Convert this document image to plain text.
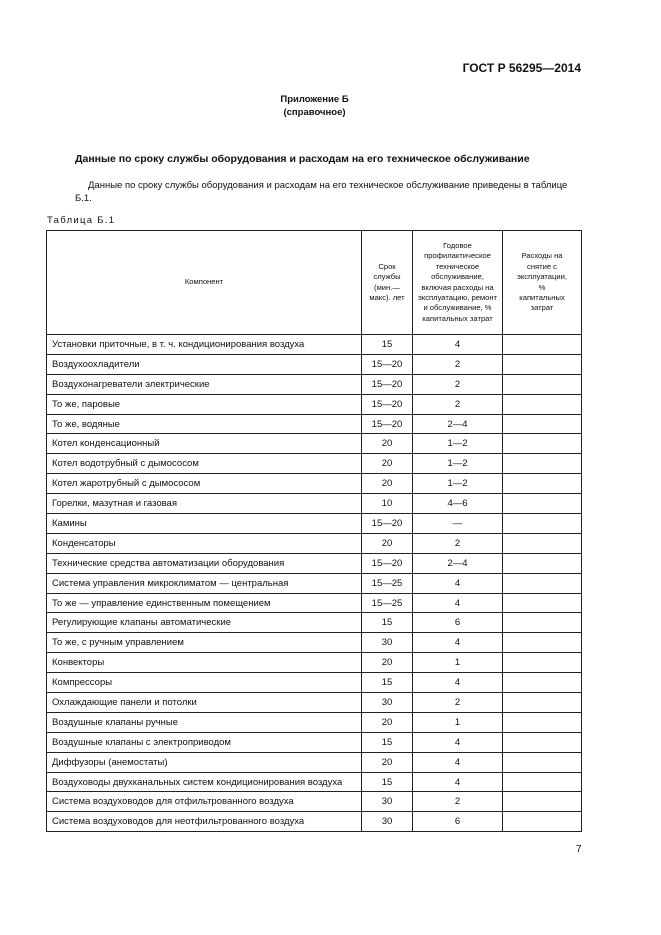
ГОСТ Р 56295—2014
Приложение Б
(справочное)
Данные по сроку службы оборудования и расходам на его техническое обслуживание
Данные по сроку службы оборудования и расходам на его техническое обслуживание приведены в таблице Б.1.
Таблица Б.1
Компонент	Срок службы (мин.— макс). лет	Годовое профилактическое техническое обслуживание, включая расходы на эксплуатацию, ремонт и обслуживание, % капитальных затрат	Расходы на снятие с эксплуатации, % капитальных затрат

Установки приточные, в т. ч. кондиционирования воздуха	15	4	
Воздухоохладители	15—20	2	
Воздухонагреватели электрические	15—20	2	
То же, паровые	15—20	2	
То же, водяные	15—20	2—4	
Котел конденсационный	20	1—2	
Котел водотрубный с дымососом	20	1—2	
Котел жаротрубный с дымососом	20	1—2	
Горелки, мазутная и газовая	10	4—6	
Камины	15—20	—	
Конденсаторы	20	2	
Технические средства автоматизации оборудования	15—20	2—4	
Система управления микроклиматом — центральная	15—25	4	
То же — управление единственным помещением	15—25	4	
Регулирующие клапаны автоматические	15	6	
То же, с ручным управлением	30	4	
Конвекторы	20	1	
Компрессоры	15	4	
Охлаждающие панели и потолки	30	2	
Воздушные клапаны ручные	20	1	
Воздушные клапаны с электроприводом	15	4	
Диффузоры (анемостаты)	20	4	
Воздуховоды двухканальных систем кондиционирования воздуха	15	4	
Система воздуховодов для отфильтрованного воздуха	30	2	
Система воздуховодов для неотфильтрованного воздуха	30	6	
7
